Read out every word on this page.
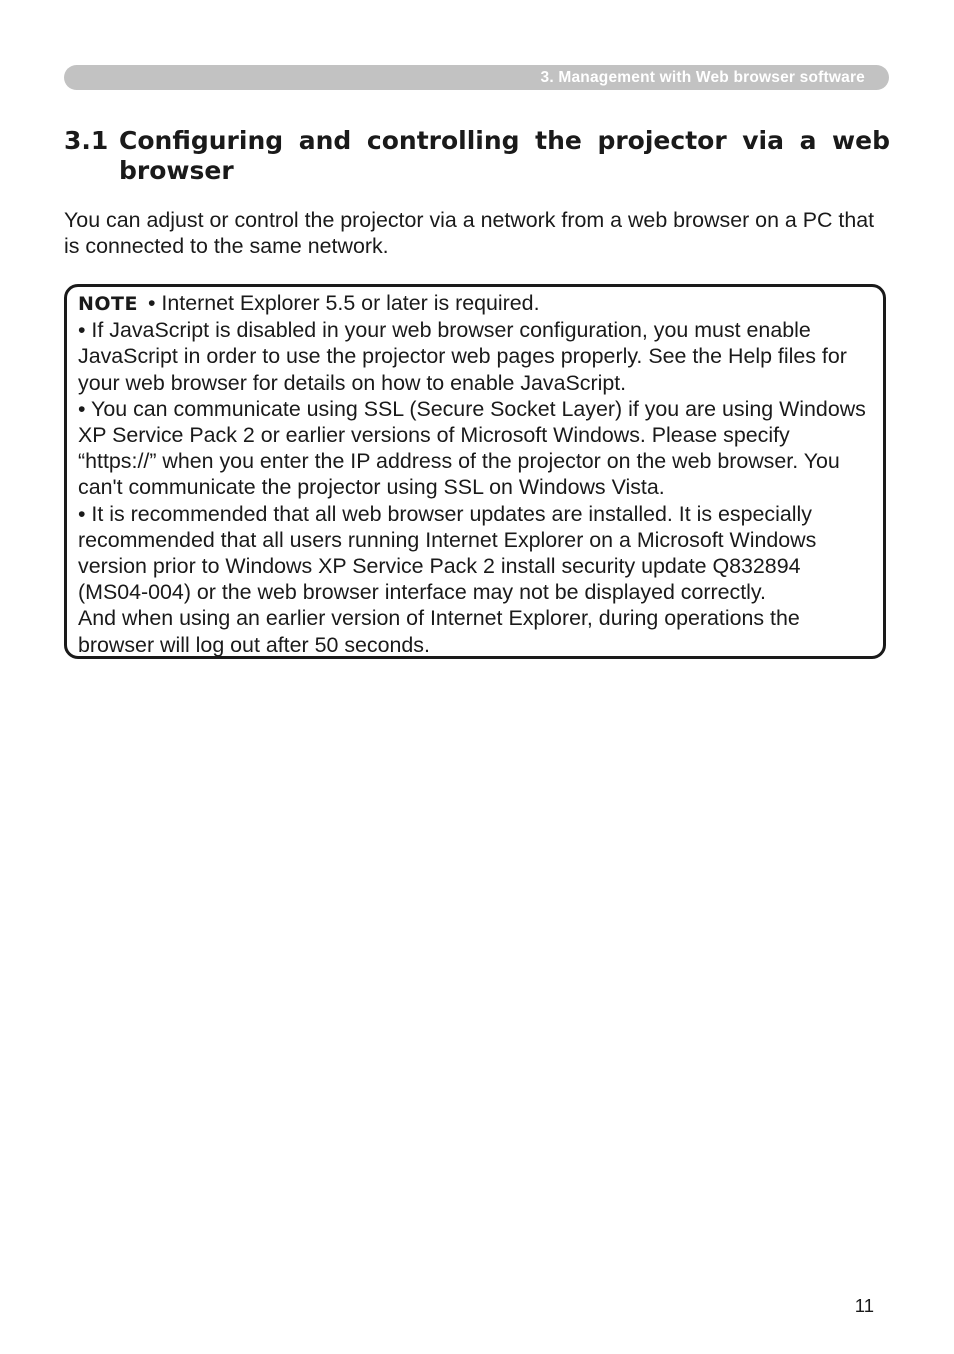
3. Management with Web browser software
3.1 Configuring and controlling the projector via a web browser

You can adjust or control the projector via a network from a web browser on a PC that is connected to the same network.

NOTE • Internet Explorer 5.5 or later is required.

• If JavaScript is disabled in your web browser configuration, you must enable JavaScript in order to use the projector web pages properly. See the Help files for your web browser for details on how to enable JavaScript.

• You can communicate using SSL (Secure Socket Layer) if you are using Windows XP Service Pack 2 or earlier versions of Microsoft Windows. Please specify “https://” when you enter the IP address of the projector on the web browser. You can't communicate the projector using SSL on Windows Vista.

• It is recommended that all web browser updates are installed. It is especially recommended that all users running Internet Explorer on a Microsoft Windows version prior to Windows XP Service Pack 2 install security update Q832894 (MS04-004) or the web browser interface may not be displayed correctly.

And when using an earlier version of Internet Explorer, during operations the browser will log out after 50 seconds.

11
